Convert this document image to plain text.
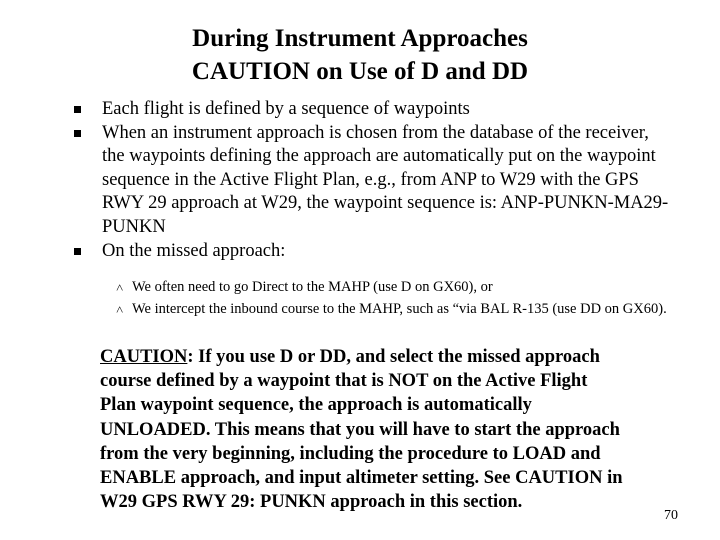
During Instrument Approaches
CAUTION on Use of D and DD
Each flight is defined by a sequence of waypoints
When an instrument approach is chosen from the database of the receiver, the waypoints defining the approach are automatically put on the waypoint sequence in the Active Flight Plan, e.g., from ANP to W29 with the GPS RWY 29 approach at W29, the waypoint sequence is: ANP-PUNKN-MA29-PUNKN
On the missed approach:
˄ We often need to go Direct to the MAHP (use D on GX60), or
˄ We intercept the inbound course to the MAHP, such as “via BAL R-135 (use DD on GX60).
CAUTION: If you use D or DD, and select the missed approach
course defined by a waypoint that is NOT on the Active Flight
Plan waypoint sequence, the approach is automatically
UNLOADED. This means that you will have to start the approach
from the very beginning, including the procedure to LOAD and
ENABLE approach, and input altimeter setting. See CAUTION in
W29 GPS RWY 29: PUNKN approach in this section.
70
